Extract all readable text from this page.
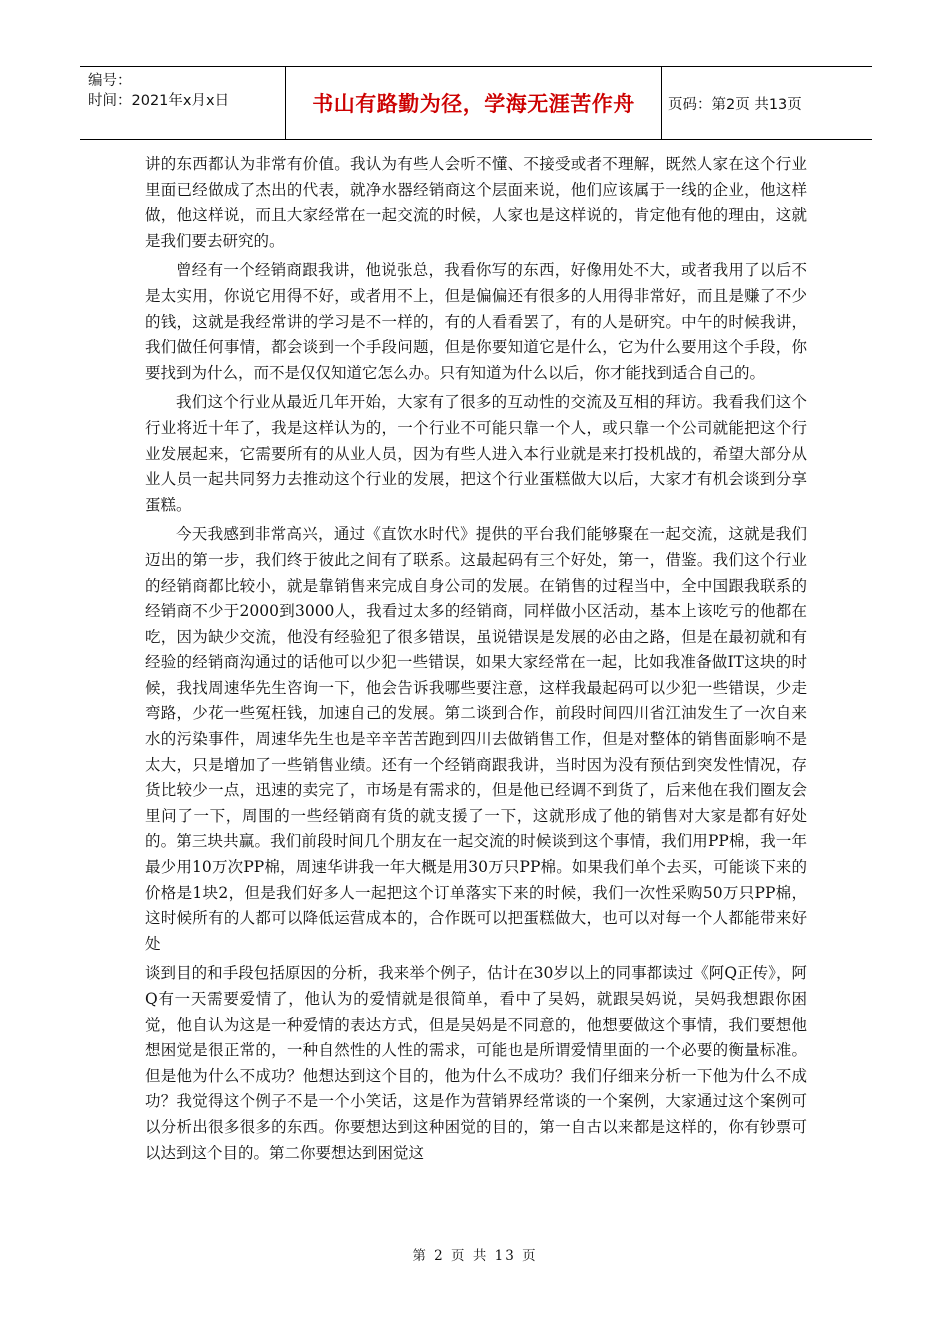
编号：
时间：2021年x月x日	书山有路勤为径，学海无涯苦作舟	页码：第2页 共13页

讲的东西都认为非常有价值。我认为有些人会听不懂、不接受或者不理解，既然人家在这个行业里面已经做成了杰出的代表，就净水器经销商这个层面来说，他们应该属于一线的企业，他这样做，他这样说，而且大家经常在一起交流的时候，人家也是这样说的，肯定他有他的理由，这就是我们要去研究的。

曾经有一个经销商跟我讲，他说张总，我看你写的东西，好像用处不大，或者我用了以后不是太实用，你说它用得不好，或者用不上，但是偏偏还有很多的人用得非常好，而且是赚了不少的钱，这就是我经常讲的学习是不一样的，有的人看看罢了，有的人是研究。中午的时候我讲，我们做任何事情，都会谈到一个手段问题，但是你要知道它是什么，它为什么要用这个手段，你要找到为什么，而不是仅仅知道它怎么办。只有知道为什么以后，你才能找到适合自己的。

我们这个行业从最近几年开始，大家有了很多的互动性的交流及互相的拜访。我看我们这个行业将近十年了，我是这样认为的，一个行业不可能只靠一个人，或只靠一个公司就能把这个行业发展起来，它需要所有的从业人员，因为有些人进入本行业就是来打投机战的，希望大部分从业人员一起共同努力去推动这个行业的发展，把这个行业蛋糕做大以后，大家才有机会谈到分享蛋糕。

今天我感到非常高兴，通过《直饮水时代》提供的平台我们能够聚在一起交流，这就是我们迈出的第一步，我们终于彼此之间有了联系。这最起码有三个好处，第一，借鉴。我们这个行业的经销商都比较小，就是靠销售来完成自身公司的发展。在销售的过程当中，全中国跟我联系的经销商不少于2000到3000人，我看过太多的经销商，同样做小区活动，基本上该吃亏的他都在吃，因为缺少交流，他没有经验犯了很多错误，虽说错误是发展的必由之路，但是在最初就和有经验的经销商沟通过的话他可以少犯一些错误，如果大家经常在一起，比如我准备做IT这块的时候，我找周速华先生咨询一下，他会告诉我哪些要注意，这样我最起码可以少犯一些错误，少走弯路，少花一些冤枉钱，加速自己的发展。第二谈到合作，前段时间四川省江油发生了一次自来水的污染事件，周速华先生也是辛辛苦苦跑到四川去做销售工作，但是对整体的销售面影响不是太大，只是增加了一些销售业绩。还有一个经销商跟我讲，当时因为没有预估到突发性情况，存货比较少一点，迅速的卖完了，市场是有需求的，但是他已经调不到货了，后来他在我们圈友会里问了一下，周围的一些经销商有货的就支援了一下，这就形成了他的销售对大家是都有好处的。第三块共赢。我们前段时间几个朋友在一起交流的时候谈到这个事情，我们用PP棉，我一年最少用10万次PP棉，周速华讲我一年大概是用30万只PP棉。如果我们单个去买，可能谈下来的价格是1块2，但是我们好多人一起把这个订单落实下来的时候，我们一次性采购50万只PP棉，这时候所有的人都可以降低运营成本的，合作既可以把蛋糕做大，也可以对每一个人都能带来好处

谈到目的和手段包括原因的分析，我来举个例子，估计在30岁以上的同事都读过《阿Q正传》，阿Q有一天需要爱情了，他认为的爱情就是很简单，看中了吴妈，就跟吴妈说，吴妈我想跟你困觉，他自认为这是一种爱情的表达方式，但是吴妈是不同意的，他想要做这个事情，我们要想他想困觉是很正常的，一种自然性的人性的需求，可能也是所谓爱情里面的一个必要的衡量标准。但是他为什么不成功？他想达到这个目的，他为什么不成功？我们仔细来分析一下他为什么不成功？我觉得这个例子不是一个小笑话，这是作为营销界经常谈的一个案例，大家通过这个案例可以分析出很多很多的东西。你要想达到这种困觉的目的，第一自古以来都是这样的，你有钞票可以达到这个目的。第二你要想达到困觉这

第 2 页 共 13 页
